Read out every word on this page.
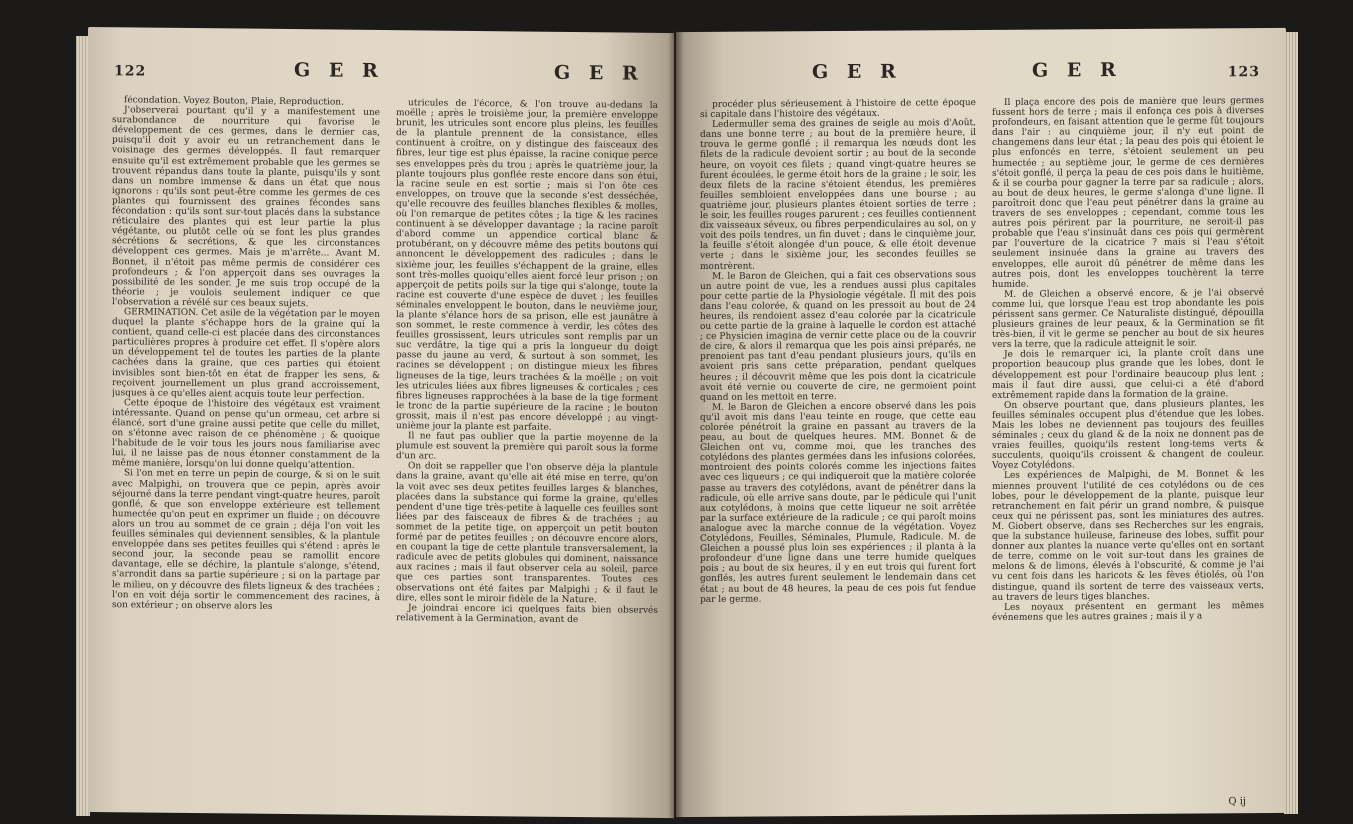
122	G E R	G E R

fécondation. Voyez Bouton, Plaie, Reproduction.

J'observerai pourtant qu'il y a manifestement une surabondance de nourriture qui favorise le développement de ces germes, dans le dernier cas, puisqu'il doit y avoir eu un retranchement dans le voisinage des germes développés. Il faut remarquer ensuite qu'il est extrêmement probable que les germes se trouvent répandus dans toute la plante, puisqu'ils y sont dans un nombre immense & dans un état que nous ignorons : qu'ils sont peut-être comme les germes de ces plantes qui fournissent des graines fécondes sans fécondation : qu'ils sont sur-tout placés dans la substance réticulaire des plantes qui est leur partie la plus végétante, ou plutôt celle où se font les plus grandes sécrétions & secrétions, & que les circonstances développent ces germes. Mais je m'arrête... Avant M. Bonnet, il n'étoit pas même permis de considérer ces profondeurs ; & l'on apperçoit dans ses ouvrages la possibilité de les sonder. Je me suis trop occupé de la théorie ; je voulois seulement indiquer ce que l'observation a révélé sur ces beaux sujets.

GERMINATION. Cet asile de la végétation par le moyen duquel la plante s'échappe hors de la graine qui la contient, quand celle-ci est placée dans des circonstances particulières propres à produire cet effet. Il s'opère alors un développement tel de toutes les parties de la plante cachées dans la graine, que ces parties qui étoient invisibles sont bien-tôt en état de frapper les sens, & reçoivent journellement un plus grand accroissement, jusques à ce qu'elles aient acquis toute leur perfection.

Cette époque de l'histoire des végétaux est vraiment intéressante. Quand on pense qu'un ormeau, cet arbre si élancé, sort d'une graine aussi petite que celle du millet, on s'étonne avec raison de ce phénomène ; & quoique l'habitude de le voir tous les jours nous familiarise avec lui, il ne laisse pas de nous étonner constamment de la même manière, lorsqu'on lui donne quelqu'attention.

Si l'on met en terre un pepin de courge, & si on le suit avec Malpighi, on trouvera que ce pepin, après avoir séjourné dans la terre pendant vingt-quatre heures, paroît gonflé, & que son enveloppe extérieure est tellement humectée qu'on peut en exprimer un fluide ; on découvre alors un trou au sommet de ce grain ; déja l'on voit les feuilles séminales qui deviennent sensibles, & la plantule enveloppée dans ses petites feuilles qui s'étend : après le second jour, la seconde peau se ramollit encore davantage, elle se déchire, la plantule s'alonge, s'étend, s'arrondit dans sa partie supérieure ; si on la partage par le milieu, on y découvre des filets ligneux & des trachées ; l'on en voit déja sortir le commencement des racines, à son extérieur ; on observe alors les

utricules de l'écorce, & l'on trouve au-dedans la moëlle ; après le troisième jour, la première enveloppe brunit, les utricules sont encore plus pleins, les feuilles de la plantule prennent de la consistance, elles continuent à croître, on y distingue des faisceaux des fibres, leur tige est plus épaisse, la racine conique perce ses enveloppes près du trou ; après le quatrième jour, la plante toujours plus gonflée reste encore dans son étui, la racine seule en est sortie ; mais si l'on ôte ces enveloppes, on trouve que la seconde s'est desséchée, qu'elle recouvre des feuilles blanches flexibles & molles, où l'on remarque de petites côtes ; la tige & les racines continuent à se développer davantage ; la racine paroît d'abord comme un appendice cortical blanc & protubérant, on y découvre même des petits boutons qui annoncent le développement des radicules ; dans le sixième jour, les feuilles s'échappent de la graine, elles sont très-molles quoiqu'elles aient forcé leur prison ; on apperçoit de petits poils sur la tige qui s'alonge, toute la racine est couverte d'une espèce de duvet ; les feuilles séminales enveloppent le bouton, dans le neuvième jour, la plante s'élance hors de sa prison, elle est jaunâtre à son sommet, le reste commence à verdir, les côtes des feuilles grossissent, leurs utricules sont remplis par un suc verdâtre, la tige qui a pris la longueur du doigt passe du jaune au verd, & surtout à son sommet, les racines se développent ; on distingue mieux les fibres ligneuses de la tige, leurs trachées & la moëlle ; on voit les utricules liées aux fibres ligneuses & corticales ; ces fibres ligneuses rapprochées à la base de la tige forment le tronc de la partie supérieure de la racine ; le bouton grossit, mais il n'est pas encore développé ; au vingt-unième jour la plante est parfaite.

Il ne faut pas oublier que la partie moyenne de la plumule est souvent la première qui paroît sous la forme d'un arc.

On doit se rappeller que l'on observe déja la plantule dans la graine, avant qu'elle ait été mise en terre, qu'on la voit avec ses deux petites feuilles larges & blanches, placées dans la substance qui forme la graine, qu'elles pendent d'une tige très-petite à laquelle ces feuilles sont liées par des faisceaux de fibres & de trachées ; au sommet de la petite tige, on apperçoit un petit bouton formé par de petites feuilles ; on découvre encore alors, en coupant la tige de cette plantule transversalement, la radicule avec de petits globules qui dominent, naissance aux racines ; mais il faut observer cela au soleil, parce que ces parties sont transparentes. Toutes ces observations ont été faites par Malpighi ; & il faut le dire, elles sont le miroir fidèle de la Nature.

Je joindrai encore ici quelques faits bien observés relativement à la Germination, avant de

G E R	G E R	123

procéder plus sérieusement à l'histoire de cette époque si capitale dans l'histoire des végétaux.

Ledermuller sema des graines de seigle au mois d'Août, dans une bonne terre ; au bout de la première heure, il trouva le germe gonflé ; il remarqua les nœuds dont les filets de la radicule devoient sortir ; au bout de la seconde heure, on voyoit ces filets ; quand vingt-quatre heures se furent écoulées, le germe étoit hors de la graine ; le soir, les deux filets de la racine s'étoient étendus, les premières feuilles sembloient enveloppées dans une bourse ; au quatrième jour, plusieurs plantes étoient sorties de terre ; le soir, les feuilles rouges parurent ; ces feuilles contiennent dix vaisseaux séveux, ou fibres perpendiculaires au sol, on y voit des poils tendres, un fin duvet ; dans le cinquième jour, la feuille s'étoit alongée d'un pouce, & elle étoit devenue verte ; dans le sixième jour, les secondes feuilles se montrèrent.

M. le Baron de Gleichen, qui a fait ces observations sous un autre point de vue, les a rendues aussi plus capitales pour cette partie de la Physiologie végétale. Il mit des pois dans l'eau colorée, & quand on les pressoit au bout de 24 heures, ils rendoient assez d'eau colorée par la cicatricule ou cette partie de la graine à laquelle le cordon est attaché ; ce Physicien imagina de vernir cette place ou de la couvrir de cire, & alors il remarqua que les pois ainsi préparés, ne prenoient pas tant d'eau pendant plusieurs jours, qu'ils en avoient pris sans cette préparation, pendant quelques heures ; il découvrit même que les pois dont la cicatricule avoit été vernie ou couverte de cire, ne germoient point quand on les mettoit en terre.

M. le Baron de Gleichen a encore observé dans les pois qu'il avoit mis dans l'eau teinte en rouge, que cette eau colorée pénétroit la graine en passant au travers de la peau, au bout de quelques heures. MM. Bonnet & de Gleichen ont vu, comme moi, que les tranches des cotylédons des plantes germées dans les infusions colorées, montroient des points colorés comme les injections faites avec ces liqueurs ; ce qui indiqueroit que la matière colorée passe au travers des cotylédons, avant de pénétrer dans la radicule, où elle arrive sans doute, par le pédicule qui l'unit aux cotylédons, à moins que cette liqueur ne soit arrêtée par la surface extérieure de la radicule ; ce qui paroît moins analogue avec la marche connue de la végétation. Voyez Cotylédons, Feuilles, Séminales, Plumule, Radicule. M. de Gleichen a poussé plus loin ses expériences ; il planta à la profondeur d'une ligne dans une terre humide quelques pois ; au bout de six heures, il y en eut trois qui furent fort gonflés, les autres furent seulement le lendemain dans cet état ; au bout de 48 heures, la peau de ces pois fut fendue par le germe.

Il plaça encore des pois de manière que leurs germes fussent hors de terre ; mais il enfonça ces pois à diverses profondeurs, en faisant attention que le germe fût toujours dans l'air : au cinquième jour, il n'y eut point de changemens dans leur état ; la peau des pois qui étoient le plus enfoncés en terre, s'étoient seulement un peu humectée ; au septième jour, le germe de ces dernières s'étoit gonflé, il perça la peau de ces pois dans le huitième, & il se courba pour gagner la terre par sa radicule ; alors, au bout de deux heures, le germe s'alonga d'une ligne. Il paroîtroit donc que l'eau peut pénétrer dans la graine au travers de ses enveloppes ; cependant, comme tous les autres pois périrent par la pourriture, ne seroit-il pas probable que l'eau s'insinuât dans ces pois qui germèrent par l'ouverture de la cicatrice ? mais si l'eau s'étoit seulement insinuée dans la graine au travers des enveloppes, elle auroit dû pénétrer de même dans les autres pois, dont les enveloppes touchèrent la terre humide.

M. de Gleichen a observé encore, & je l'ai observé comme lui, que lorsque l'eau est trop abondante les pois périssent sans germer. Ce Naturaliste distingué, dépouilla plusieurs graines de leur peaux, & la Germination se fit très-bien, il vit le germe se pencher au bout de six heures vers la terre, que la radicule atteignit le soir.

Je dois le remarquer ici, la plante croît dans une proportion beaucoup plus grande que les lobes, dont le développement est pour l'ordinaire beaucoup plus lent ; mais il faut dire aussi, que celui-ci a été d'abord extrêmement rapide dans la formation de la graine.

On observe pourtant que, dans plusieurs plantes, les feuilles séminales occupent plus d'étendue que les lobes. Mais les lobes ne deviennent pas toujours des feuilles séminales ; ceux du gland & de la noix ne donnent pas de vraies feuilles, quoiqu'ils restent long-tems verts & succulents, quoiqu'ils croissent & changent de couleur. Voyez Cotylédons.

Les expériences de Malpighi, de M. Bonnet & les miennes prouvent l'utilité de ces cotylédons ou de ces lobes, pour le développement de la plante, puisque leur retranchement en fait périr un grand nombre, & puisque ceux qui ne périssent pas, sont les miniatures des autres. M. Giobert observe, dans ses Recherches sur les engrais, que la substance huileuse, farineuse des lobes, suffit pour donner aux plantes la nuance verte qu'elles ont en sortant de terre, comme on le voit sur-tout dans les graines de melons & de limons, élevés à l'obscurité, & comme je l'ai vu cent fois dans les haricots & les fèves étiolés, où l'on distingue, quand ils sortent de terre des vaisseaux verts, au travers de leurs tiges blanches.

Les noyaux présentent en germant les mêmes événemens que les autres graines ; mais il y a

Q ij
